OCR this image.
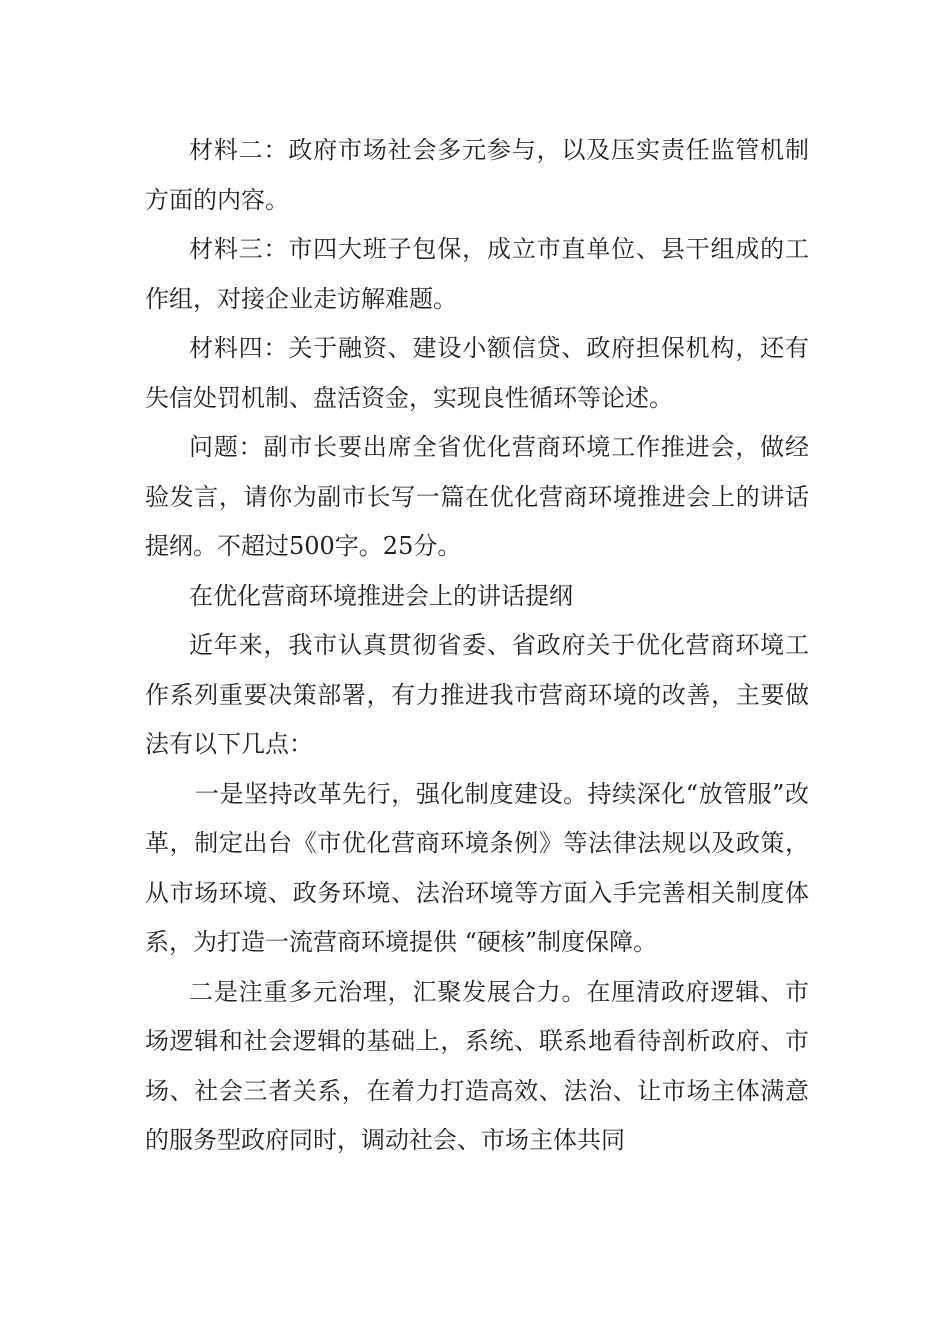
材料二：政府市场社会多元参与，以及压实责任监管机制方面的内容。

材料三：市四大班子包保，成立市直单位、县干组成的工作组，对接企业走访解难题。

材料四：关于融资、建设小额信贷、政府担保机构，还有失信处罚机制、盘活资金，实现良性循环等论述。

问题：副市长要出席全省优化营商环境工作推进会，做经验发言，请你为副市长写一篇在优化营商环境推进会上的讲话提纲。不超过500字。25分。

在优化营商环境推进会上的讲话提纲

近年来，我市认真贯彻省委、省政府关于优化营商环境工作系列重要决策部署，有力推进我市营商环境的改善，主要做法有以下几点：

一是坚持改革先行，强化制度建设。持续深化“放管服”改革，制定出台《市优化营商环境条例》等法律法规以及政策，从市场环境、政务环境、法治环境等方面入手完善相关制度体系，为打造一流营商环境提供 “硬核”制度保障。

二是注重多元治理，汇聚发展合力。在厘清政府逻辑、市场逻辑和社会逻辑的基础上，系统、联系地看待剖析政府、市场、社会三者关系，在着力打造高效、法治、让市场主体满意的服务型政府同时，调动社会、市场主体共同
